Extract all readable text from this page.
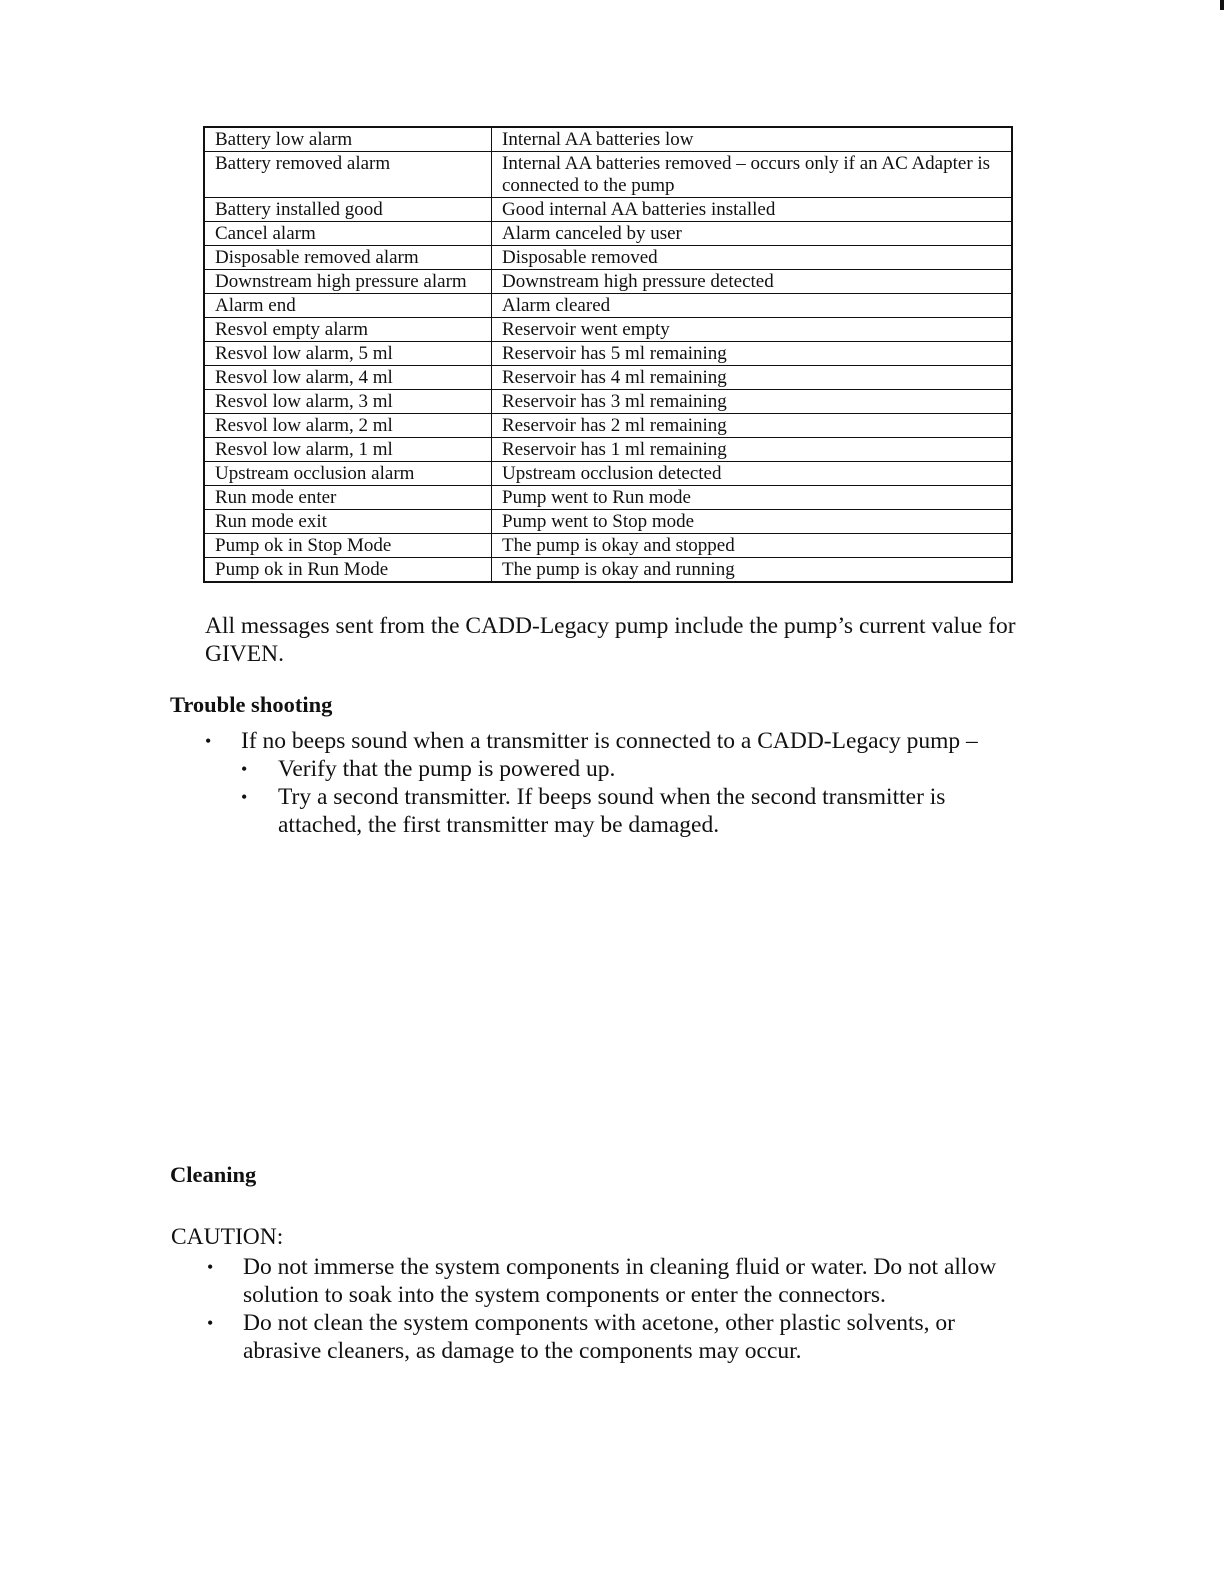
Battery low alarm	Internal AA batteries low
Battery removed alarm	Internal AA batteries removed – occurs only if an AC Adapter is connected to the pump
Battery installed good	Good internal AA batteries installed
Cancel alarm	Alarm canceled by user
Disposable removed alarm	Disposable removed
Downstream high pressure alarm	Downstream high pressure detected
Alarm end	Alarm cleared
Resvol empty alarm	Reservoir went empty
Resvol low alarm, 5 ml	Reservoir has 5 ml remaining
Resvol low alarm, 4 ml	Reservoir has 4 ml remaining
Resvol low alarm, 3 ml	Reservoir has 3 ml remaining
Resvol low alarm, 2 ml	Reservoir has 2 ml remaining
Resvol low alarm, 1 ml	Reservoir has 1 ml remaining
Upstream occlusion alarm	Upstream occlusion detected
Run mode enter	Pump went to Run mode
Run mode exit	Pump went to Stop mode
Pump ok in Stop Mode	The pump is okay and stopped
Pump ok in Run Mode	The pump is okay and running

All messages sent from the CADD-Legacy pump include the pump’s current value for GIVEN.

Trouble shooting
• If no beeps sound when a transmitter is connected to a CADD-Legacy pump –
• Verify that the pump is powered up.
• Try a second transmitter. If beeps sound when the second transmitter is attached, the first transmitter may be damaged.
Cleaning

CAUTION:

• Do not immerse the system components in cleaning fluid or water. Do not allow solution to soak into the system components or enter the connectors.
• Do not clean the system components with acetone, other plastic solvents, or abrasive cleaners, as damage to the components may occur.
